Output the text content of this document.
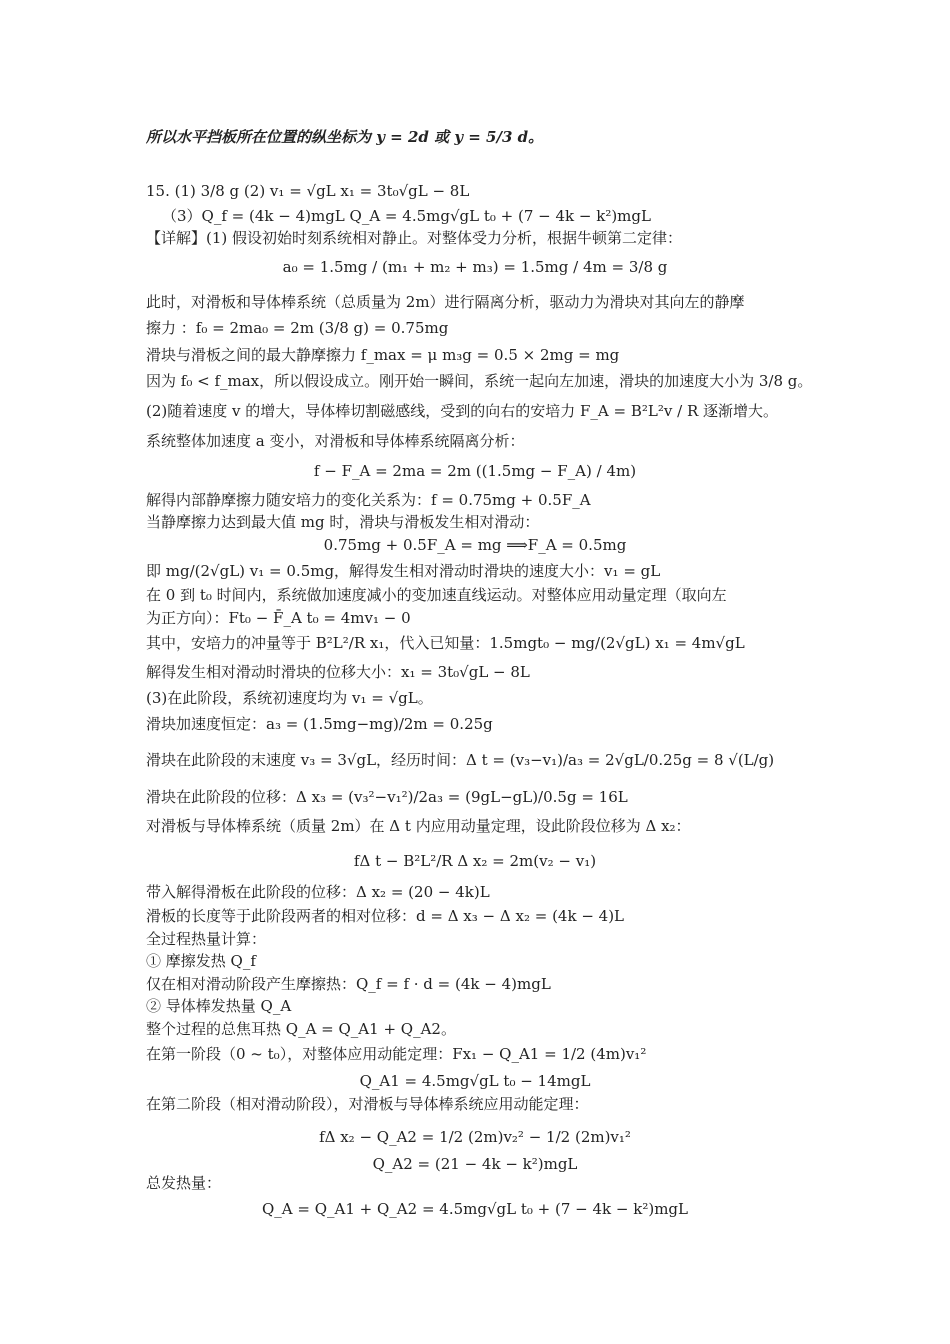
所以水平挡板所在位置的纵坐标为 y = 2d 或 y = 5/3 d。
15. (1) 3/8 g (2) v₁ = √gL x₁ = 3t₀√gL − 8L
（3）Q_f = (4k − 4)mgL Q_A = 4.5mg√gL t₀ + (7 − 4k − k²)mgL
【详解】(1) 假设初始时刻系统相对静止。对整体受力分析，根据牛顿第二定律：
a₀ = 1.5mg / (m₁ + m₂ + m₃) = 1.5mg / 4m = 3/8 g
此时，对滑板和导体棒系统（总质量为 2m）进行隔离分析，驱动力为滑块对其向左的静摩
擦力 ：f₀ = 2ma₀ = 2m (3/8 g) = 0.75mg
滑块与滑板之间的最大静摩擦力 f_max = μ m₃g = 0.5 × 2mg = mg
因为 f₀ < f_max，所以假设成立。刚开始一瞬间，系统一起向左加速，滑块的加速度大小为 3/8 g。
(2)随着速度 v 的增大，导体棒切割磁感线，受到的向右的安培力 F_A = B²L²v / R 逐渐增大。
系统整体加速度 a 变小，对滑板和导体棒系统隔离分析：
f − F_A = 2ma = 2m ((1.5mg − F_A) / 4m)
解得内部静摩擦力随安培力的变化关系为：f = 0.75mg + 0.5F_A
当静摩擦力达到最大值 mg 时，滑块与滑板发生相对滑动：
0.75mg + 0.5F_A = mg ⟹F_A = 0.5mg
即 mg/(2√gL) v₁ = 0.5mg，解得发生相对滑动时滑块的速度大小：v₁ = gL
在 0 到 t₀ 时间内，系统做加速度减小的变加速直线运动。对整体应用动量定理（取向左
为正方向）：Ft₀ − F̄_A t₀ = 4mv₁ − 0
其中，安培力的冲量等于 B²L²/R x₁，代入已知量：1.5mgt₀ − mg/(2√gL) x₁ = 4m√gL
解得发生相对滑动时滑块的位移大小：x₁ = 3t₀√gL − 8L
(3)在此阶段，系统初速度均为 v₁ = √gL。
滑块加速度恒定：a₃ = (1.5mg−mg)/2m = 0.25g
滑块在此阶段的末速度 v₃ = 3√gL，经历时间：Δ t = (v₃−v₁)/a₃ = 2√gL/0.25g = 8 √(L/g)
滑块在此阶段的位移：Δ x₃ = (v₃²−v₁²)/2a₃ = (9gL−gL)/0.5g = 16L
对滑板与导体棒系统（质量 2m）在 Δ t 内应用动量定理，设此阶段位移为 Δ x₂：
fΔ t − B²L²/R Δ x₂ = 2m(v₂ − v₁)
带入解得滑板在此阶段的位移：Δ x₂ = (20 − 4k)L
滑板的长度等于此阶段两者的相对位移：d = Δ x₃ − Δ x₂ = (4k − 4)L
全过程热量计算：
① 摩擦发热 Q_f
仅在相对滑动阶段产生摩擦热：Q_f = f · d = (4k − 4)mgL
② 导体棒发热量 Q_A
整个过程的总焦耳热 Q_A = Q_A1 + Q_A2。
在第一阶段（0 ~ t₀），对整体应用动能定理：Fx₁ − Q_A1 = 1/2 (4m)v₁²
Q_A1 = 4.5mg√gL t₀ − 14mgL
在第二阶段（相对滑动阶段），对滑板与导体棒系统应用动能定理：
fΔ x₂ − Q_A2 = 1/2 (2m)v₂² − 1/2 (2m)v₁²
Q_A2 = (21 − 4k − k²)mgL
总发热量：
Q_A = Q_A1 + Q_A2 = 4.5mg√gL t₀ + (7 − 4k − k²)mgL
